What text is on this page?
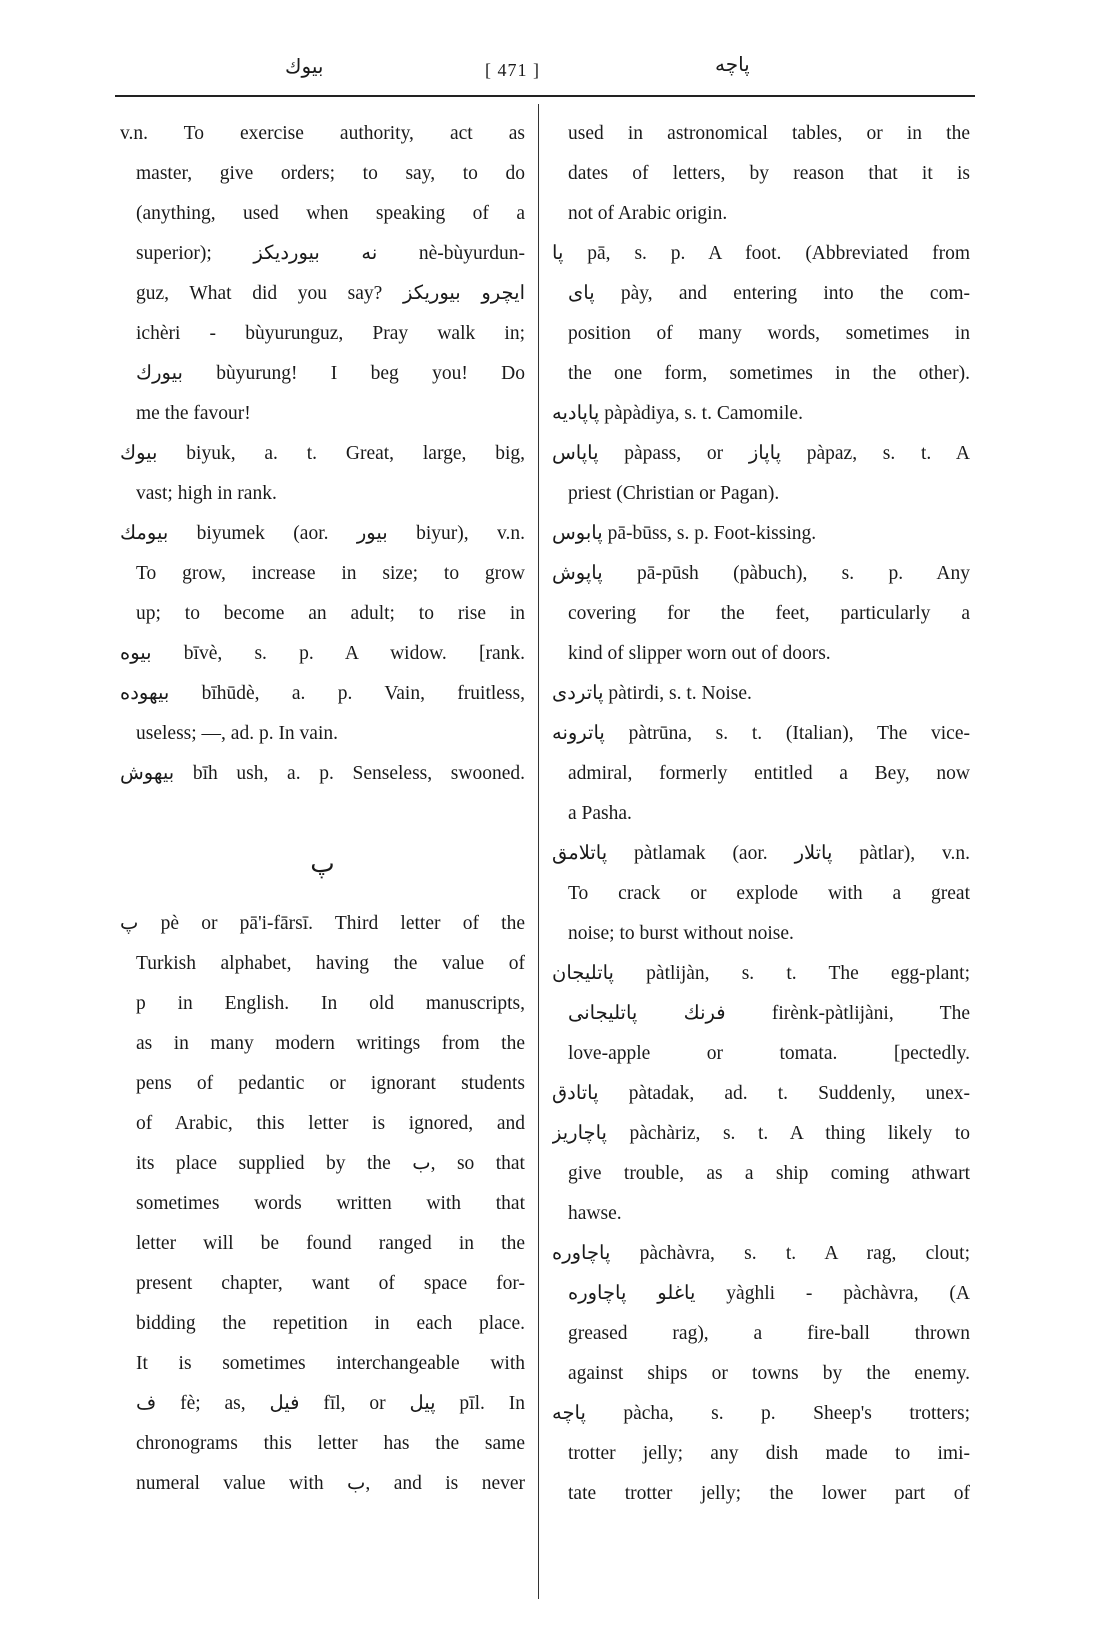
بیوك	[ 471 ]	پاچه
v.n. To exercise authority, act as
master, give orders; to say, to do
(anything, used when speaking of a
superior); نه بیوردیکز nè-bùyurdun-
guz, What did you say? ایچرو بیوریکز
ichèri - bùyurunguz, Pray walk in;
بیورك bùyurung! I beg you! Do
me the favour!
بیوك biyuk, a. t. Great, large, big,
vast; high in rank.
بیومك biyumek (aor. بیور biyur), v.n.
To grow, increase in size; to grow
up; to become an adult; to rise in
بیوه bīvè, s. p. A widow. [rank.
بیهوده bīhūdè, a. p. Vain, fruitless,
useless; —, ad. p. In vain.
بیهوش bīh ush, a. p. Senseless, swooned.
پ
پ pè or pā'i-fārsī. Third letter of the
Turkish alphabet, having the value of
p in English. In old manuscripts,
as in many modern writings from the
pens of pedantic or ignorant students
of Arabic, this letter is ignored, and
its place supplied by the ب, so that
sometimes words written with that
letter will be found ranged in the
present chapter, want of space for-
bidding the repetition in each place.
It is sometimes interchangeable with
ف fè; as, فیل fīl, or پیل pīl. In
chronograms this letter has the same
numeral value with ب, and is never
used in astronomical tables, or in the
dates of letters, by reason that it is
not of Arabic origin.
پا pā, s. p. A foot. (Abbreviated from
پای pày, and entering into the com-
position of many words, sometimes in
the one form, sometimes in the other).
پاپادیه pàpàdiya, s. t. Camomile.
پاپاس pàpass, or پاپاز pàpaz, s. t. A
priest (Christian or Pagan).
پابوس pā-būss, s. p. Foot-kissing.
پاپوش pā-pūsh (pàbuch), s. p. Any
covering for the feet, particularly a
kind of slipper worn out of doors.
پاتردی pàtirdi, s. t. Noise.
پاترونه pàtrūna, s. t. (Italian), The vice-
admiral, formerly entitled a Bey, now
a Pasha.
پاتلامق pàtlamak (aor. پاتلار pàtlar), v.n.
To crack or explode with a great
noise; to burst without noise.
پاتلیجان pàtlijàn, s. t. The egg-plant;
فرنك پاتلیجانی firènk-pàtlijàni, The
love-apple or tomata. [pectedly.
پاتادق pàtadak, ad. t. Suddenly, unex-
پاچاریز pàchàriz, s. t. A thing likely to
give trouble, as a ship coming athwart
hawse.
پاچاوره pàchàvra, s. t. A rag, clout;
یاغلو پاچاوره yàghli - pàchàvra, (A
greased rag), a fire-ball thrown
against ships or towns by the enemy.
پاچه pàcha, s. p. Sheep's trotters;
trotter jelly; any dish made to imi-
tate trotter jelly; the lower part of
